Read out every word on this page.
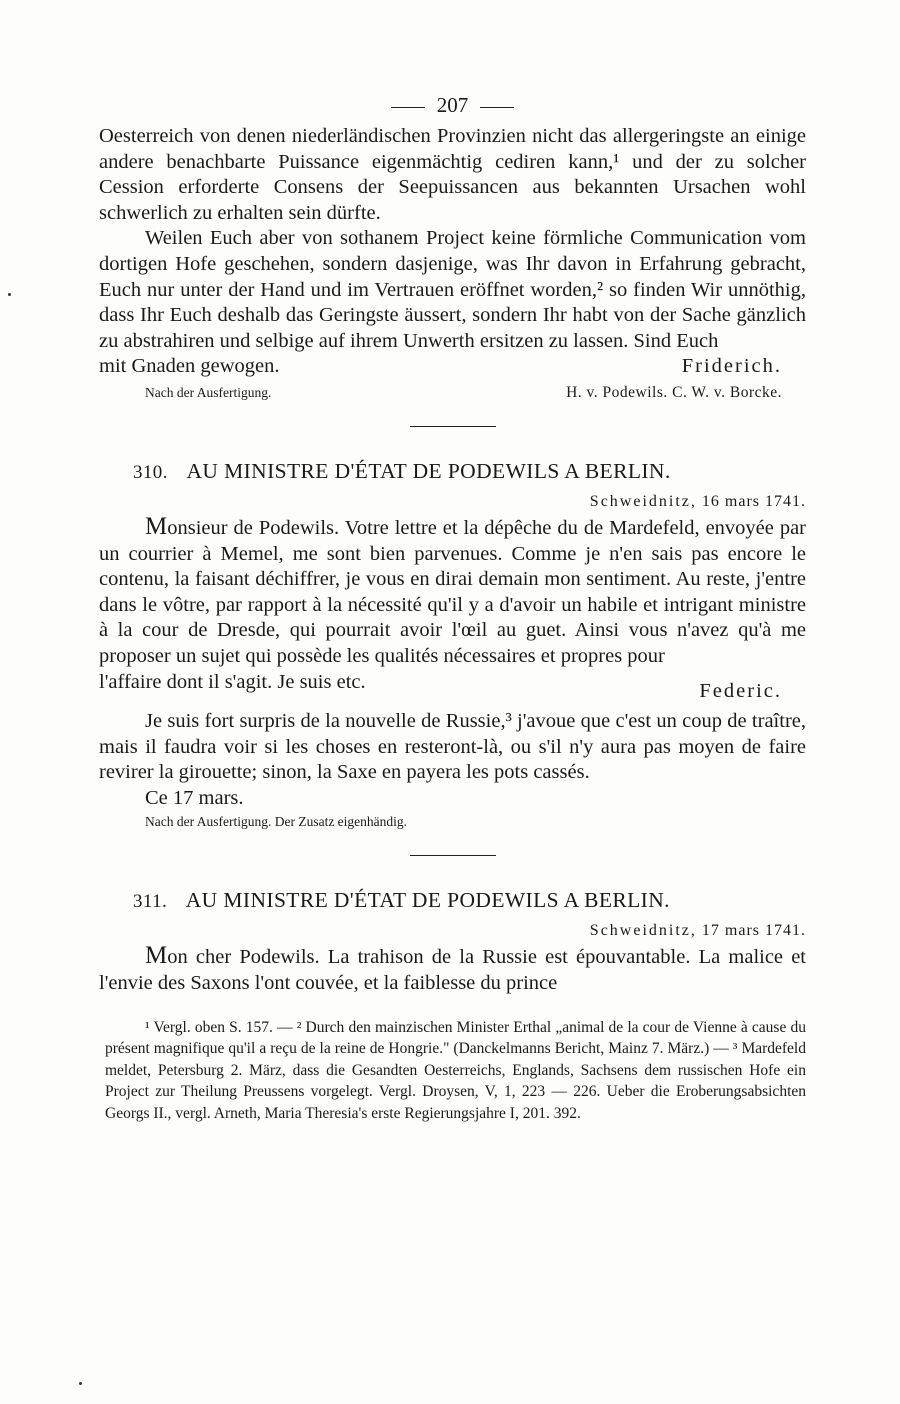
207

Oesterreich von denen niederländischen Provinzien nicht das allergeringste an einige andere benachbarte Puissance eigenmächtig cediren kann,¹ und der zu solcher Cession erforderte Consens der Seepuissancen aus bekannten Ursachen wohl schwerlich zu erhalten sein dürfte.

Weilen Euch aber von sothanem Project keine förmliche Communication vom dortigen Hofe geschehen, sondern dasjenige, was Ihr davon in Erfahrung gebracht, Euch nur unter der Hand und im Vertrauen eröffnet worden,² so finden Wir unnöthig, dass Ihr Euch deshalb das Geringste äussert, sondern Ihr habt von der Sache gänzlich zu abstrahiren und selbige auf ihrem Unwerth ersitzen zu lassen. Sind Euch

mit Gnaden gewogen.	Friderich.
Nach der Ausfertigung.	H. v. Podewils. C. W. v. Borcke.
310. AU MINISTRE D'ÉTAT DE PODEWILS A BERLIN.
Schweidnitz, 16 mars 1741.

Monsieur de Podewils. Votre lettre et la dépêche du de Mardefeld, envoyée par un courrier à Memel, me sont bien parvenues. Comme je n'en sais pas encore le contenu, la faisant déchiffrer, je vous en dirai demain mon sentiment. Au reste, j'entre dans le vôtre, par rapport à la nécessité qu'il y a d'avoir un habile et intrigant ministre à la cour de Dresde, qui pourrait avoir l'œil au guet. Ainsi vous n'avez qu'à me proposer un sujet qui possède les qualités nécessaires et propres pour

l'affaire dont il s'agit. Je suis etc.	Federic.

Je suis fort surpris de la nouvelle de Russie,³ j'avoue que c'est un coup de traître, mais il faudra voir si les choses en resteront-là, ou s'il n'y aura pas moyen de faire revirer la girouette; sinon, la Saxe en payera les pots cassés.

Ce 17 mars.
Nach der Ausfertigung. Der Zusatz eigenhändig.
311. AU MINISTRE D'ÉTAT DE PODEWILS A BERLIN.
Schweidnitz, 17 mars 1741.

Mon cher Podewils. La trahison de la Russie est épouvantable. La malice et l'envie des Saxons l'ont couvée, et la faiblesse du prince

¹ Vergl. oben S. 157. — ² Durch den mainzischen Minister Erthal „animal de la cour de Vienne à cause du présent magnifique qu'il a reçu de la reine de Hongrie." (Danckelmanns Bericht, Mainz 7. März.) — ³ Mardefeld meldet, Petersburg 2. März, dass die Gesandten Oesterreichs, Englands, Sachsens dem russischen Hofe ein Project zur Theilung Preussens vorgelegt. Vergl. Droysen, V, 1, 223 — 226. Ueber die Eroberungsabsichten Georgs II., vergl. Arneth, Maria Theresia's erste Regierungsjahre I, 201. 392.
